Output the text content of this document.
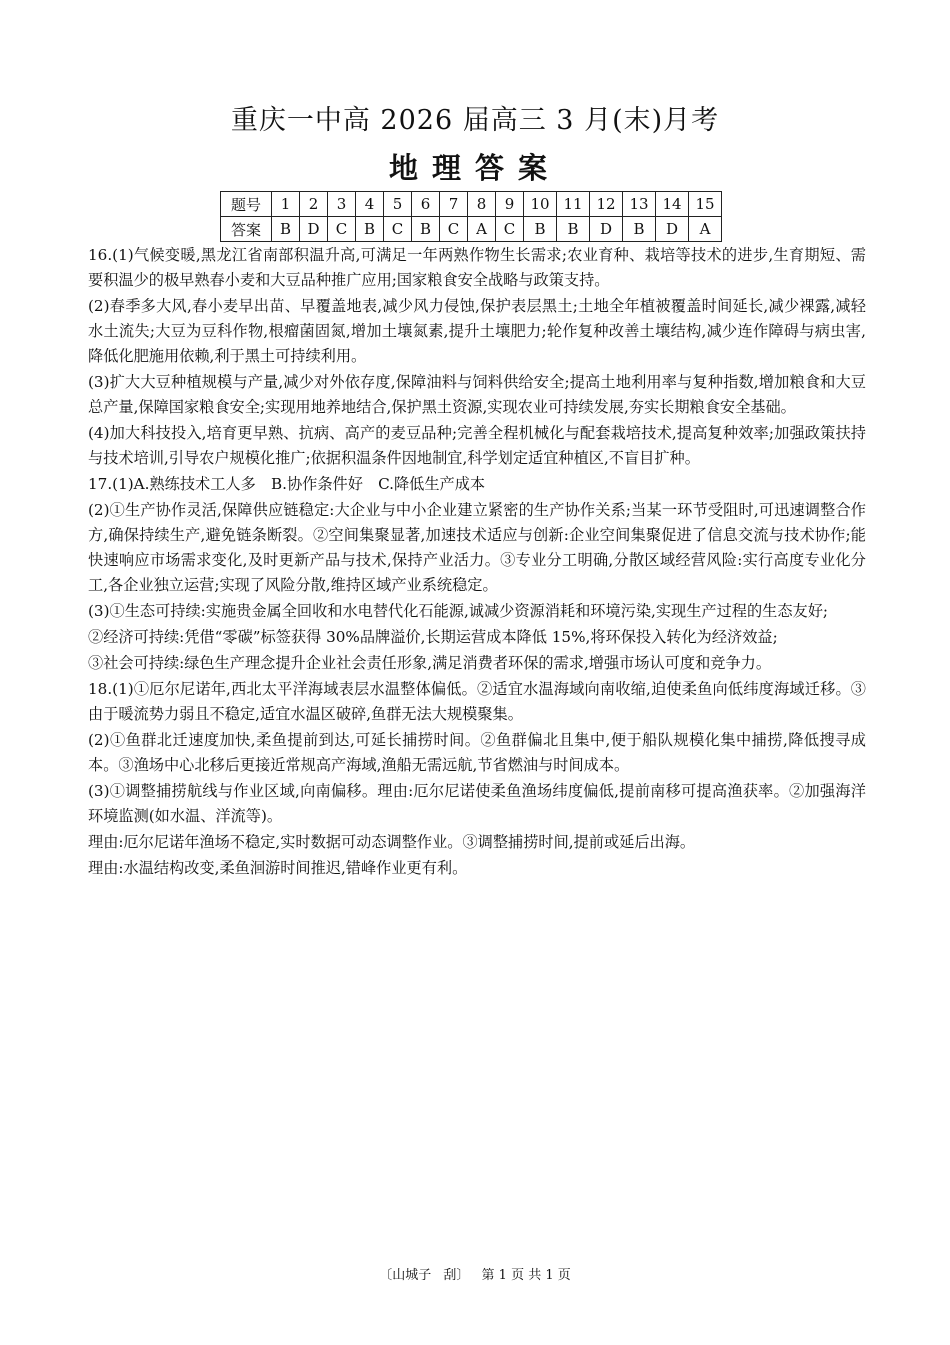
重庆一中高 2026 届高三 3 月(末)月考
地理答案
题号	1	2	3	4	5	6	7	8	9	10	11	12	13	14	15
答案	B	D	C	B	C	B	C	A	C	B	B	D	B	D	A

16.(1)气候变暖,黑龙江省南部积温升高,可满足一年两熟作物生长需求;农业育种、栽培等技术的进步,生育期短、需要积温少的极早熟春小麦和大豆品种推广应用;国家粮食安全战略与政策支持。

(2)春季多大风,春小麦早出苗、早覆盖地表,减少风力侵蚀,保护表层黑土;土地全年植被覆盖时间延长,减少裸露,减轻水土流失;大豆为豆科作物,根瘤菌固氮,增加土壤氮素,提升土壤肥力;轮作复种改善土壤结构,减少连作障碍与病虫害,降低化肥施用依赖,利于黑土可持续利用。

(3)扩大大豆种植规模与产量,减少对外依存度,保障油料与饲料供给安全;提高土地利用率与复种指数,增加粮食和大豆总产量,保障国家粮食安全;实现用地养地结合,保护黑土资源,实现农业可持续发展,夯实长期粮食安全基础。

(4)加大科技投入,培育更早熟、抗病、高产的麦豆品种;完善全程机械化与配套栽培技术,提高复种效率;加强政策扶持与技术培训,引导农户规模化推广;依据积温条件因地制宜,科学划定适宜种植区,不盲目扩种。

17.(1)A.熟练技术工人多　B.协作条件好　C.降低生产成本

(2)①生产协作灵活,保障供应链稳定:大企业与中小企业建立紧密的生产协作关系;当某一环节受阻时,可迅速调整合作方,确保持续生产,避免链条断裂。②空间集聚显著,加速技术适应与创新:企业空间集聚促进了信息交流与技术协作;能快速响应市场需求变化,及时更新产品与技术,保持产业活力。③专业分工明确,分散区域经营风险:实行高度专业化分工,各企业独立运营;实现了风险分散,维持区域产业系统稳定。

(3)①生态可持续:实施贵金属全回收和水电替代化石能源,诚减少资源消耗和环境污染,实现生产过程的生态友好;

②经济可持续:凭借“零碳”标签获得 30%品牌溢价,长期运营成本降低 15%,将环保投入转化为经济效益;

③社会可持续:绿色生产理念提升企业社会责任形象,满足消费者环保的需求,增强市场认可度和竞争力。

18.(1)①厄尔尼诺年,西北太平洋海域表层水温整体偏低。②适宜水温海域向南收缩,迫使柔鱼向低纬度海域迁移。③由于暖流势力弱且不稳定,适宜水温区破碎,鱼群无法大规模聚集。

(2)①鱼群北迁速度加快,柔鱼提前到达,可延长捕捞时间。②鱼群偏北且集中,便于船队规模化集中捕捞,降低搜寻成本。③渔场中心北移后更接近常规高产海域,渔船无需远航,节省燃油与时间成本。

(3)①调整捕捞航线与作业区域,向南偏移。理由:厄尔尼诺使柔鱼渔场纬度偏低,提前南移可提高渔获率。②加强海洋环境监测(如水温、洋流等)。

理由:厄尔尼诺年渔场不稳定,实时数据可动态调整作业。③调整捕捞时间,提前或延后出海。

理由:水温结构改变,柔鱼洄游时间推迟,错峰作业更有利。

〔山城子 刮〕 第 1 页 共 1 页
